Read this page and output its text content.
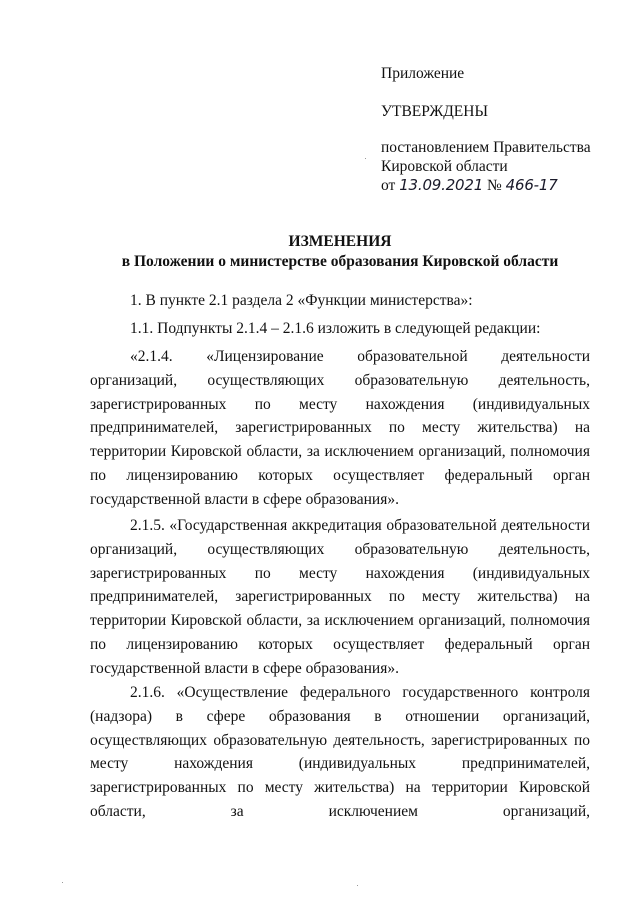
Приложение
УТВЕРЖДЕНЫ
постановлением Правительства
Кировской области
от 13.09.2021 № 466-17
ИЗМЕНЕНИЯ
в Положении о министерстве образования Кировской области

1. В пункте 2.1 раздела 2 «Функции министерства»:

1.1. Подпункты 2.1.4 – 2.1.6 изложить в следующей редакции:

«2.1.4. «Лицензирование образовательной деятельности организаций, осуществляющих образовательную деятельность, зарегистрированных по месту нахождения (индивидуальных предпринимателей, зарегистрированных по месту жительства) на территории Кировской области, за исключением организаций, полномочия по лицензированию которых осуществляет федеральный орган государственной власти в сфере образования».

2.1.5. «Государственная аккредитация образовательной деятельности организаций, осуществляющих образовательную деятельность, зарегистрированных по месту нахождения (индивидуальных предпринимателей, зарегистрированных по месту жительства) на территории Кировской области, за исключением организаций, полномочия по лицензированию которых осуществляет федеральный орган государственной власти в сфере образования».

2.1.6. «Осуществление федерального государственного контроля (надзора) в сфере образования в отношении организаций, осуществляющих образовательную деятельность, зарегистрированных по месту нахождения (индивидуальных предпринимателей, зарегистрированных по месту жительства) на территории Кировской области, за исключением организаций,
